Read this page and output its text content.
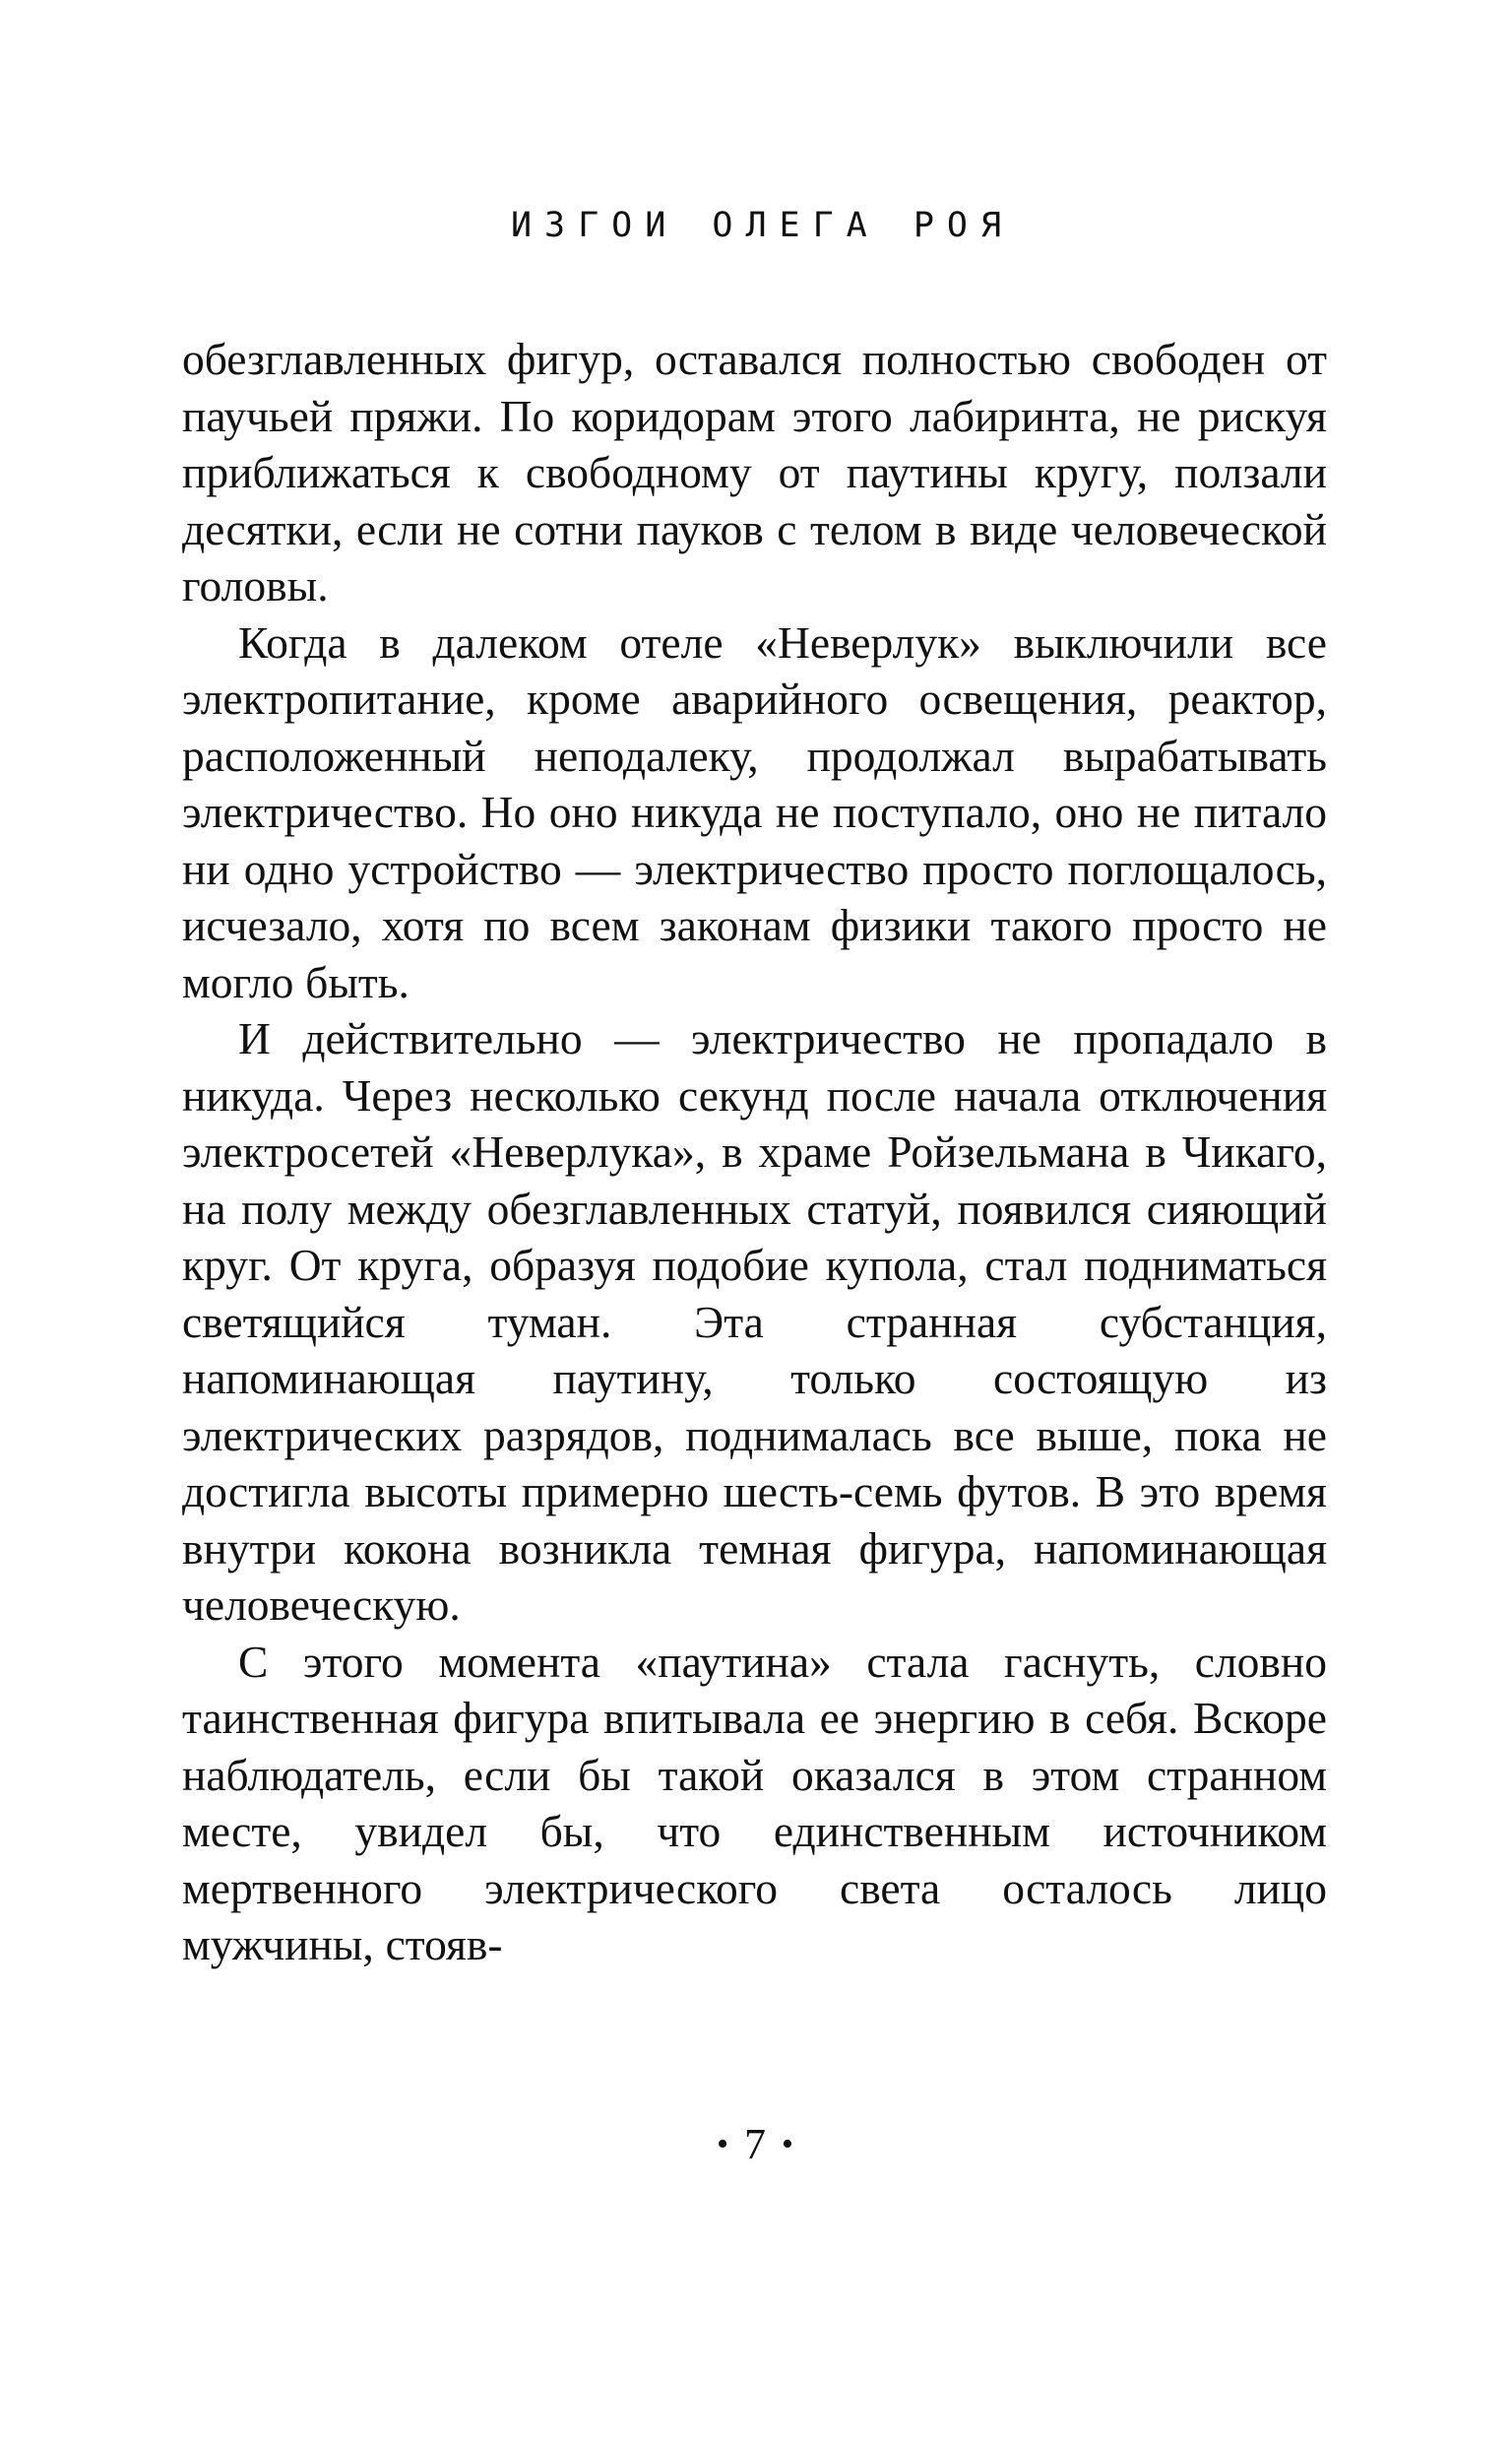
ИЗГОИ ОЛЕГА РОЯ

обезглавленных фигур, оставался полностью свободен от паучьей пряжи. По коридорам этого лабиринта, не рискуя приближаться к свободному от паутины кругу, ползали десятки, если не сотни пауков с телом в виде человеческой головы.

Когда в далеком отеле «Неверлук» выключили все электропитание, кроме аварийного освещения, реактор, расположенный неподалеку, продолжал вырабатывать электричество. Но оно никуда не поступало, оно не питало ни одно устройство — электричество просто поглощалось, исчезало, хотя по всем законам физики такого просто не могло быть.

И действительно — электричество не пропадало в никуда. Через несколько секунд после начала отключения электросетей «Неверлука», в храме Ройзельмана в Чикаго, на полу между обезглавленных статуй, появился сияющий круг. От круга, образуя подобие купола, стал подниматься светящийся туман. Эта странная субстанция, напоминающая паутину, только состоящую из электрических разрядов, поднималась все выше, пока не достигла высоты примерно шесть-семь футов. В это время внутри кокона возникла темная фигура, напоминающая человеческую.

С этого момента «паутина» стала гаснуть, словно таинственная фигура впитывала ее энергию в себя. Вскоре наблюдатель, если бы такой оказался в этом странном месте, увидел бы, что единственным источником мертвенного электрического света осталось лицо мужчины, стояв-

• 7 •
